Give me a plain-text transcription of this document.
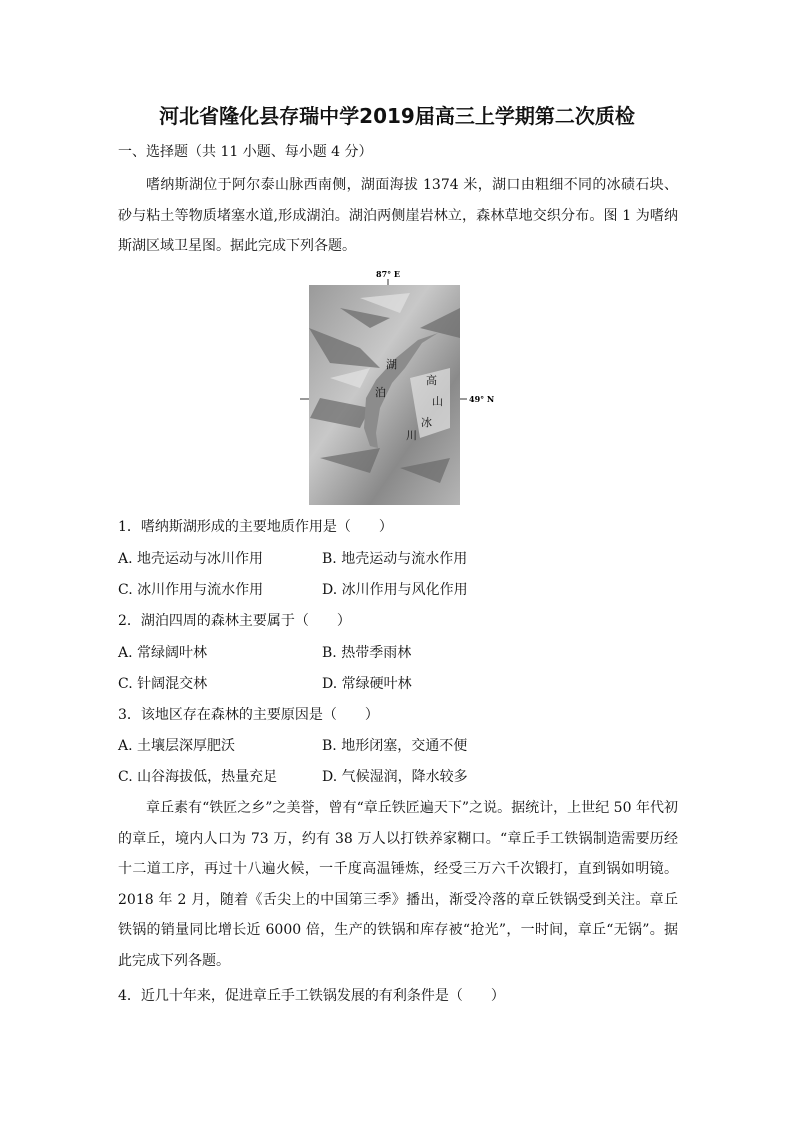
河北省隆化县存瑞中学2019届高三上学期第二次质检
一、选择题（共 11 小题、每小题 4 分）
嗜纳斯湖位于阿尔泰山脉西南侧，湖面海拔 1374 米，湖口由粗细不同的冰碛石块、砂与粘土等物质堵塞水道,形成湖泊。湖泊两侧崖岩林立，森林草地交织分布。图 1 为嗜纳斯湖区域卫星图。据此完成下列各题。
87° E
湖
泊
高
山
冰
川
49° N
1．嗜纳斯湖形成的主要地质作用是（　　）
A. 地壳运动与冰川作用	B. 地壳运动与流水作用
C. 冰川作用与流水作用	D. 冰川作用与风化作用
2．湖泊四周的森林主要属于（　　）
A. 常绿阔叶林	B. 热带季雨林
C. 针阔混交林	D. 常绿硬叶林
3．该地区存在森林的主要原因是（　　）
A. 土壤层深厚肥沃	B. 地形闭塞，交通不便
C. 山谷海拔低，热量充足	D. 气候湿润，降水较多
章丘素有“铁匠之乡”之美誉，曾有“章丘铁匠遍天下”之说。据统计，上世纪 50 年代初的章丘，境内人口为 73 万，约有 38 万人以打铁养家糊口。“章丘手工铁锅制造需要历经十二道工序，再过十八遍火候，一千度高温锤炼，经受三万六千次锻打，直到锅如明镜。2018 年 2 月，随着《舌尖上的中国第三季》播出，渐受冷落的章丘铁锅受到关注。章丘铁锅的销量同比增长近 6000 倍，生产的铁锅和库存被“抢光”，一时间，章丘“无锅”。据此完成下列各题。
4．近几十年来，促进章丘手工铁锅发展的有利条件是（　　）
